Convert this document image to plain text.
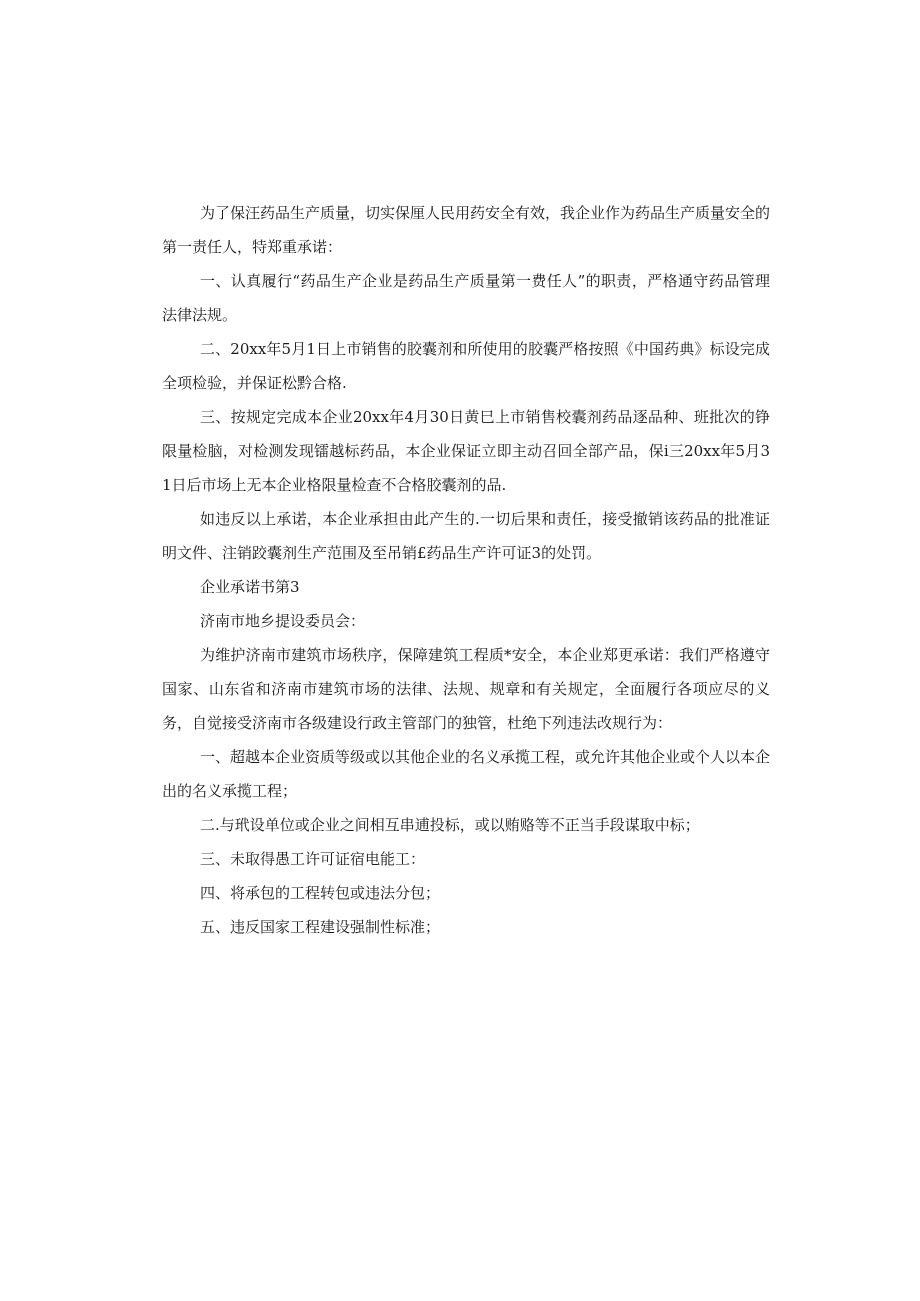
为了保汪药品生产质量，切实保厘人民用药安全有效，我企业作为药品生产质量安全的第一责任人，特郑重承诺：

一、认真履行“药品生产企业是药品生产质量第一费任人”的职责，严格通守药品管理法律法规。

二、20xx年5月1日上市销售的胶囊剂和所使用的胶囊严格按照《中国药典》标设完成全项检验，并保证松黔合格.

三、按规定完成本企业20xx年4月30日黄巳上市销售校囊剂药品逐品种、班批次的铮限量检脑，对检测发现镭越标药品，本企业保证立即主动召回全部产品，保i三20xx年5月31日后市场上无本企业格限量检查不合格胶囊剂的品.

如违反以上承诺，本企业承担由此产生的.一切后果和责任，接受撤销该药品的批准证明文件、注销跤囊剂生产范围及至吊销£药品生产许可证3的处罚。

企业承诺书第3

济南市地乡提设委员会：

为维护济南市建筑市场秩序，保障建筑工程质*安全，本企业郑更承诺：我们严格遵守国家、山东省和济南市建筑市场的法律、法规、规章和有关规定，全面履行各项应尽的义务，自觉接受济南市各级建设行政主管部门的独管，杜绝下列违法改规行为：

一、超越本企业资质等级或以其他企业的名义承揽工程，或允许其他企业或个人以本企出的名义承揽工程；

二.与玳设单位或企业之间相互串逋投标，或以贿赂等不正当手段谋取中标；

三、未取得愚工许可证宿电能工：

四、将承包的工程转包或违法分包；

五、违反国家工程建设强制性标准；
